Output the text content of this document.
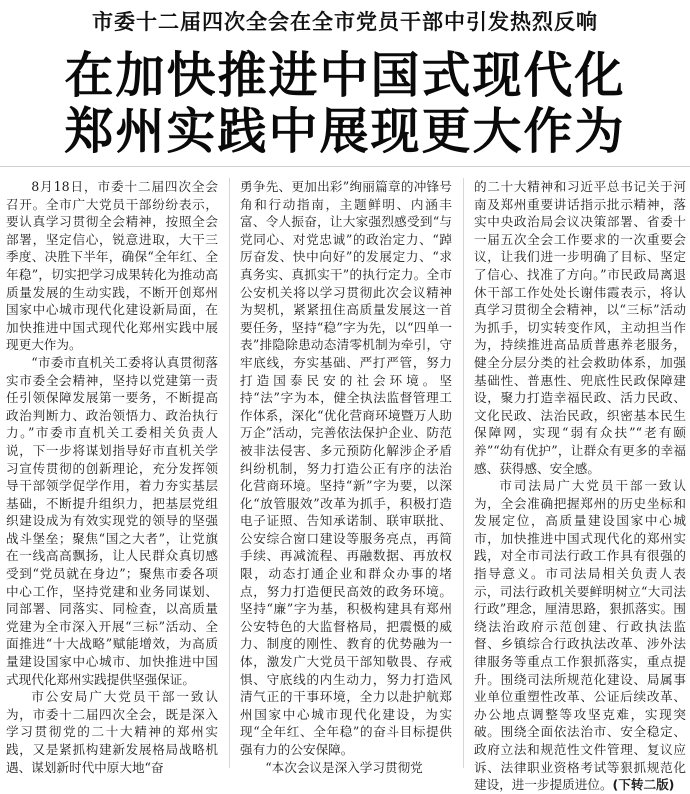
市委十二届四次全会在全市党员干部中引发热烈反响
在加快推进中国式现代化
郑州实践中展现更大作为

8月18日，市委十二届四次全会召开。全市广大党员干部纷纷表示，要认真学习贯彻全会精神，按照全会部署，坚定信心，锐意进取，大干三季度、决胜下半年，确保“全年红、全年稳”，切实把学习成果转化为推动高质量发展的生动实践，不断开创郑州国家中心城市现代化建设新局面，在加快推进中国式现代化郑州实践中展现更大作为。

“市委市直机关工委将认真贯彻落实市委全会精神，坚持以党建第一责任引领保障发展第一要务，不断提高政治判断力、政治领悟力、政治执行力。”市委市直机关工委相关负责人说，下一步将谋划指导好市直机关学习宣传贯彻的创新理论，充分发挥领导干部领学促学作用，着力夯实基层基础，不断提升组织力，把基层党组织建设成为有效实现党的领导的坚强战斗堡垒；聚焦“国之大者”，让党旗在一线高高飘扬，让人民群众真切感受到“党员就在身边”；聚焦市委各项中心工作，坚持党建和业务同谋划、同部署、同落实、同检查，以高质量党建为全市深入开展“三标”活动、全面推进“十大战略”赋能增效，为高质量建设国家中心城市、加快推进中国式现代化郑州实践提供坚强保证。

市公安局广大党员干部一致认为，市委十二届四次全会，既是深入学习贯彻党的二十大精神的郑州实践，又是紧抓构建新发展格局战略机遇、谋划新时代中原大地“奋

勇争先、更加出彩”绚丽篇章的冲锋号角和行动指南，主题鲜明、内涵丰富、令人振奋，让大家强烈感受到“与党同心、对党忠诚”的政治定力、“踔厉奋发、快中向好”的发展定力、“求真务实、真抓实干”的执行定力。全市公安机关将以学习贯彻此次会议精神为契机，紧紧扭住高质量发展这一首要任务，坚持“稳”字为先，以“四单一表”排隐除患动态清零机制为牵引，守牢底线，夯实基础、严打严管，努力打造国泰民安的社会环境。坚持“法”字为本，健全执法监督管理工作体系，深化“优化营商环境暨万人助万企”活动，完善依法保护企业、防范被非法侵害、多元预防化解涉企矛盾纠纷机制，努力打造公正有序的法治化营商环境。坚持“新”字为要，以深化“放管服效”改革为抓手，积极打造电子证照、告知承诺制、联审联批、公安综合窗口建设等服务亮点，再简手续、再减流程、再融数据、再放权限，动态打通企业和群众办事的堵点，努力打造便民高效的政务环境。坚持“廉”字为基，积极构建具有郑州公安特色的大监督格局，把震慑的威力、制度的刚性、教育的优势融为一体，激发广大党员干部知敬畏、存戒惧、守底线的内生动力，努力打造风清气正的干事环境，全力以赴护航郑州国家中心城市现代化建设，为实现“全年红、全年稳”的奋斗目标提供强有力的公安保障。

“本次会议是深入学习贯彻党

的二十大精神和习近平总书记关于河南及郑州重要讲话指示批示精神，落实中央政治局会议决策部署、省委十一届五次全会工作要求的一次重要会议，让我们进一步明确了目标、坚定了信心、找准了方向。”市民政局离退休干部工作处处长谢伟霞表示，将认真学习贯彻全会精神，以“三标”活动为抓手，切实转变作风，主动担当作为，持续推进高品质普惠养老服务，健全分层分类的社会救助体系，加强基础性、普惠性、兜底性民政保障建设，聚力打造幸福民政、活力民政、文化民政、法治民政，织密基本民生保障网，实现“弱有众扶”“老有颐养”“幼有优护”，让群众有更多的幸福感、获得感、安全感。

市司法局广大党员干部一致认为，全会准确把握郑州的历史坐标和发展定位，高质量建设国家中心城市，加快推进中国式现代化的郑州实践，对全市司法行政工作具有很强的指导意义。市司法局相关负责人表示，司法行政机关要鲜明树立“大司法行政”理念，厘清思路，狠抓落实。围绕法治政府示范创建、行政执法监督、乡镇综合行政执法改革、涉外法律服务等重点工作狠抓落实，重点提升。围绕司法所规范化建设、局属事业单位重塑性改革、公证后续改革、办公地点调整等攻坚克难，实现突破。围绕全面依法治市、安全稳定、政府立法和规范性文件管理、复议应诉、法律职业资格考试等狠抓规范化建设，进一步提质进位。(下转二版)
